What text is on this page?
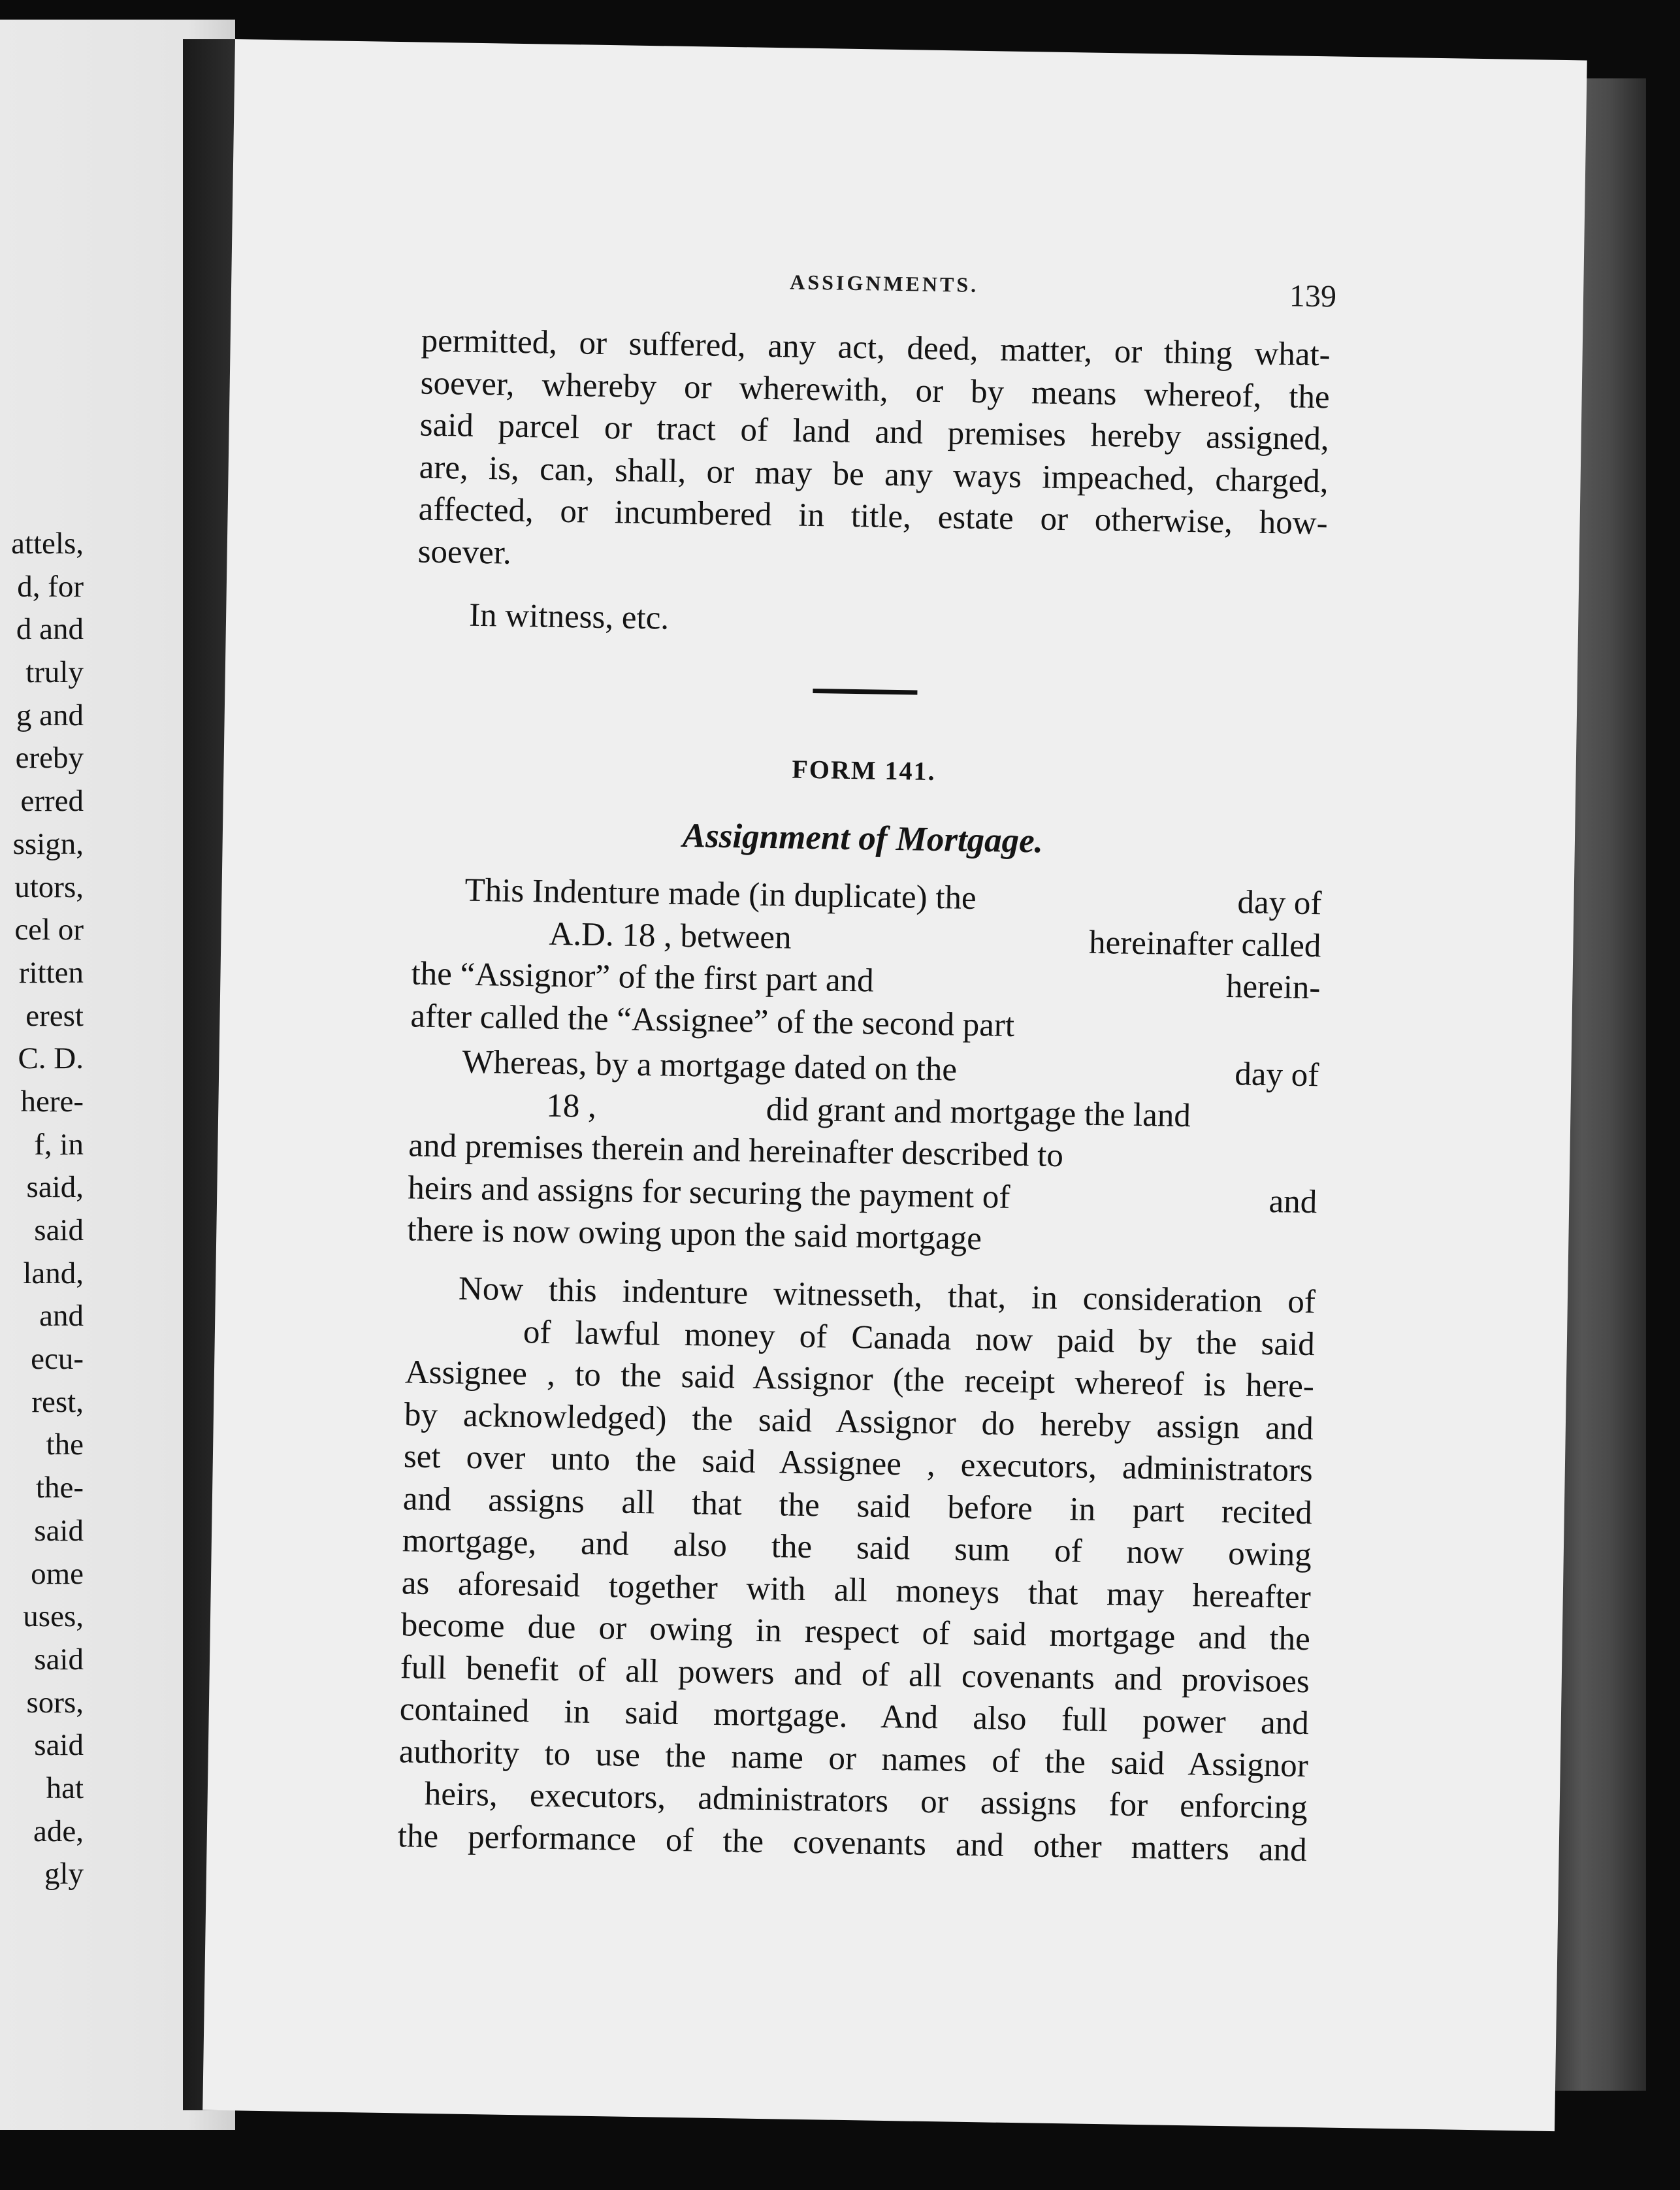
attels,
d, for
d and
truly
g and
ereby
erred
ssign,
utors,
cel or
ritten
erest
C. D.
here-
f, in
said,
said
land,
and
ecu-
rest,
the
the-
said
ome
uses,
said
sors,
said
hat
ade,
gly
ASSIGNMENTS.	139
permitted, or suffered, any act, deed, matter, or thing what-
soever, whereby or wherewith, or by means whereof, the
said parcel or tract of land and premises hereby assigned,
are, is, can, shall, or may be any ways impeached, charged,
affected, or incumbered in title, estate or otherwise, how-
soever.
In witness, etc.
FORM 141.
Assignment of Mortgage.
This Indenture made (in duplicate) the	day of
A.D. 18 , between	hereinafter called
the “Assignor” of the first part and	herein-
after called the “Assignee” of the second part
Whereas, by a mortgage dated on the	day of
18 ,	did grant and mortgage the land
and premises therein and hereinafter described to
heirs and assigns for securing the payment of	and
there is now owing upon the said mortgage
Now this indenture witnesseth, that, in consideration of
of lawful money of Canada now paid by the said
Assignee , to the said Assignor (the receipt whereof is here-
by acknowledged) the said Assignor do hereby assign and
set over unto the said Assignee , executors, administrators
and assigns all that the said before in part recited
mortgage, and also the said sum of now owing
as aforesaid together with all moneys that may hereafter
become due or owing in respect of said mortgage and the
full benefit of all powers and of all covenants and provisoes
contained in said mortgage. And also full power and
authority to use the name or names of the said Assignor
heirs, executors, administrators or assigns for enforcing
the performance of the covenants and other matters and
